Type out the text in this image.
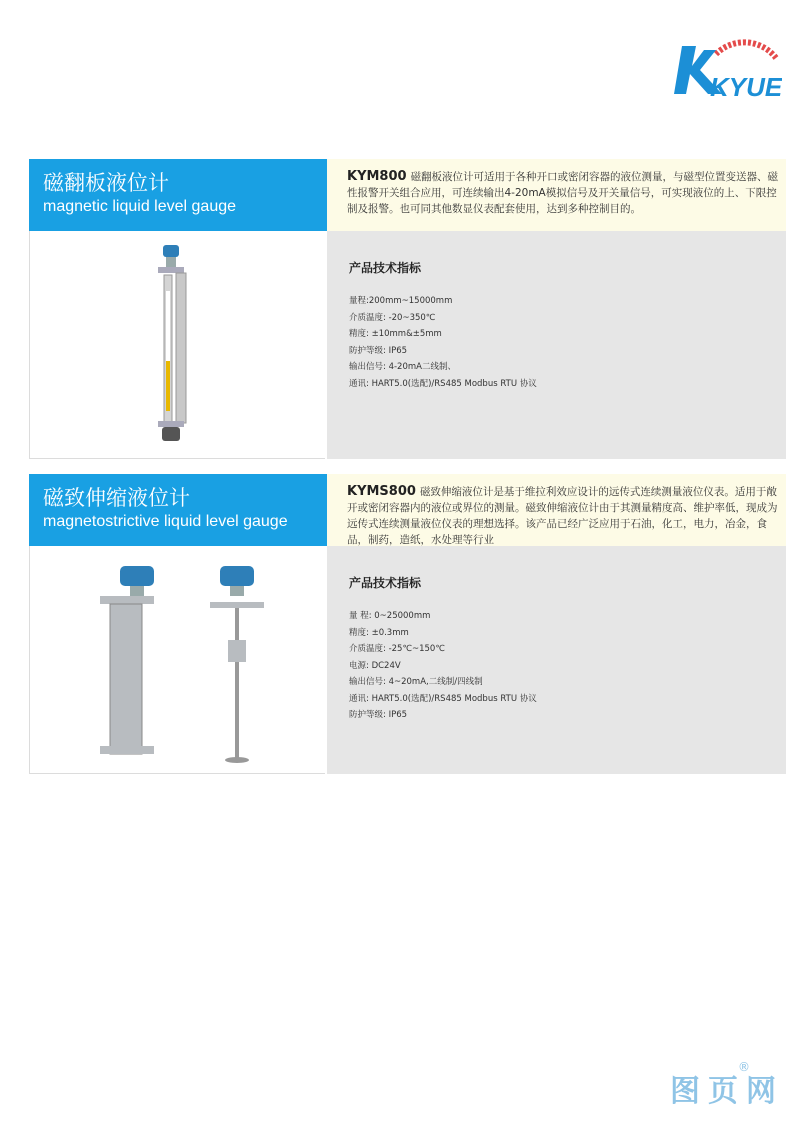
KYUE
磁翻板液位计
magnetic liquid level gauge
KYM800 磁翻板液位计可适用于各种开口或密闭容器的液位测量，与磁型位置变送器、磁性报警开关组合应用，可连续输出4-20mA模拟信号及开关量信号，可实现液位的上、下限控制及报警。也可同其他数显仪表配套使用，达到多种控制目的。
产品技术指标
量程:200mm~15000mm
介质温度: -20~350℃
精度: ±10mm&±5mm
防护等级: IP65
输出信号: 4-20mA二线制、
通讯: HART5.0(选配)/RS485 Modbus RTU 协议
磁致伸缩液位计
magnetostrictive liquid level gauge
KYMS800 磁致伸缩液位计是基于维拉利效应设计的远传式连续测量液位仪表。适用于敞开或密闭容器内的液位或界位的测量。磁致伸缩液位计由于其测量精度高、维护率低，现成为远传式连续测量液位仪表的理想选择。该产品已经广泛应用于石油，化工，电力，冶金，食品，制药，造纸，水处理等行业
产品技术指标
量 程: 0~25000mm
精度: ±0.3mm
介质温度: -25℃~150℃
电源: DC24V
输出信号: 4~20mA,二线制/四线制
通讯: HART5.0(选配)/RS485 Modbus RTU 协议
防护等级: IP65
图页网
®
